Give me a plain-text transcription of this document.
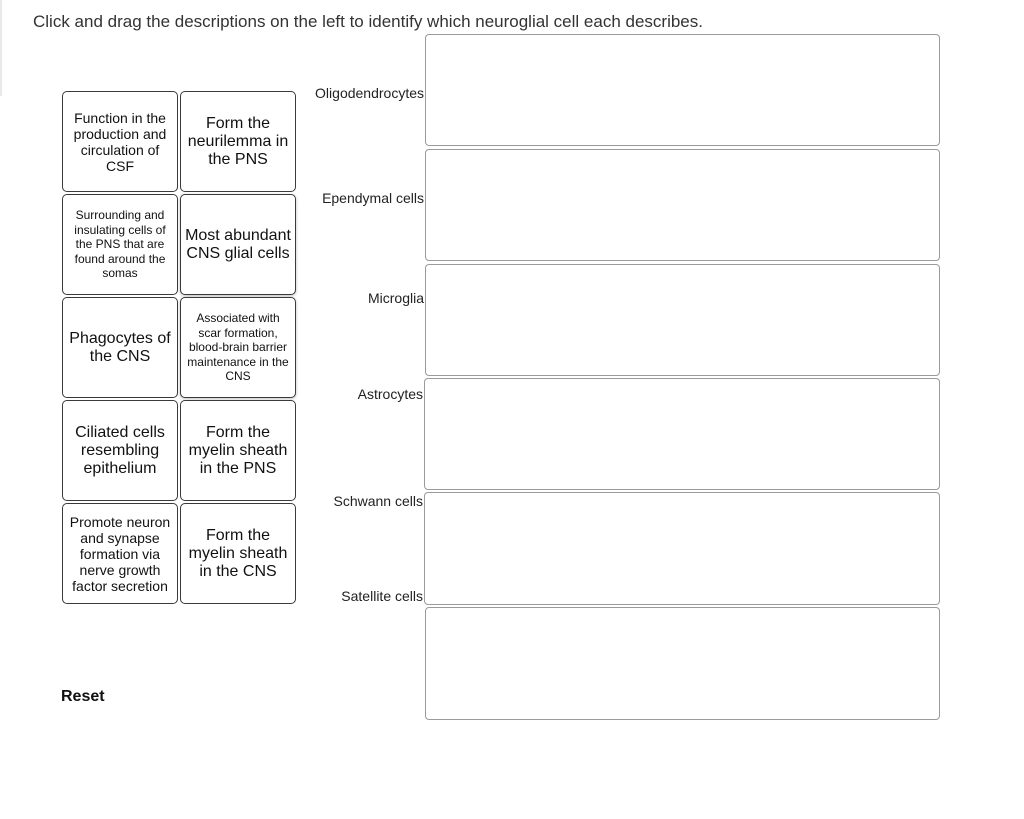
Click and drag the descriptions on the left to identify which neuroglial cell each describes.
Function in the production and circulation of CSF
Form the neurilemma in the PNS
Surrounding and insulating cells of the PNS that are found around the somas
Most abundant CNS glial cells
Phagocytes of the CNS
Associated with scar formation, blood-brain barrier maintenance in the CNS
Ciliated cells resembling epithelium
Form the myelin sheath in the PNS
Promote neuron and synapse formation via nerve growth factor secretion
Form the myelin sheath in the CNS
Oligodendrocytes
Ependymal cells
Microglia
Astrocytes
Schwann cells
Satellite cells
Reset
